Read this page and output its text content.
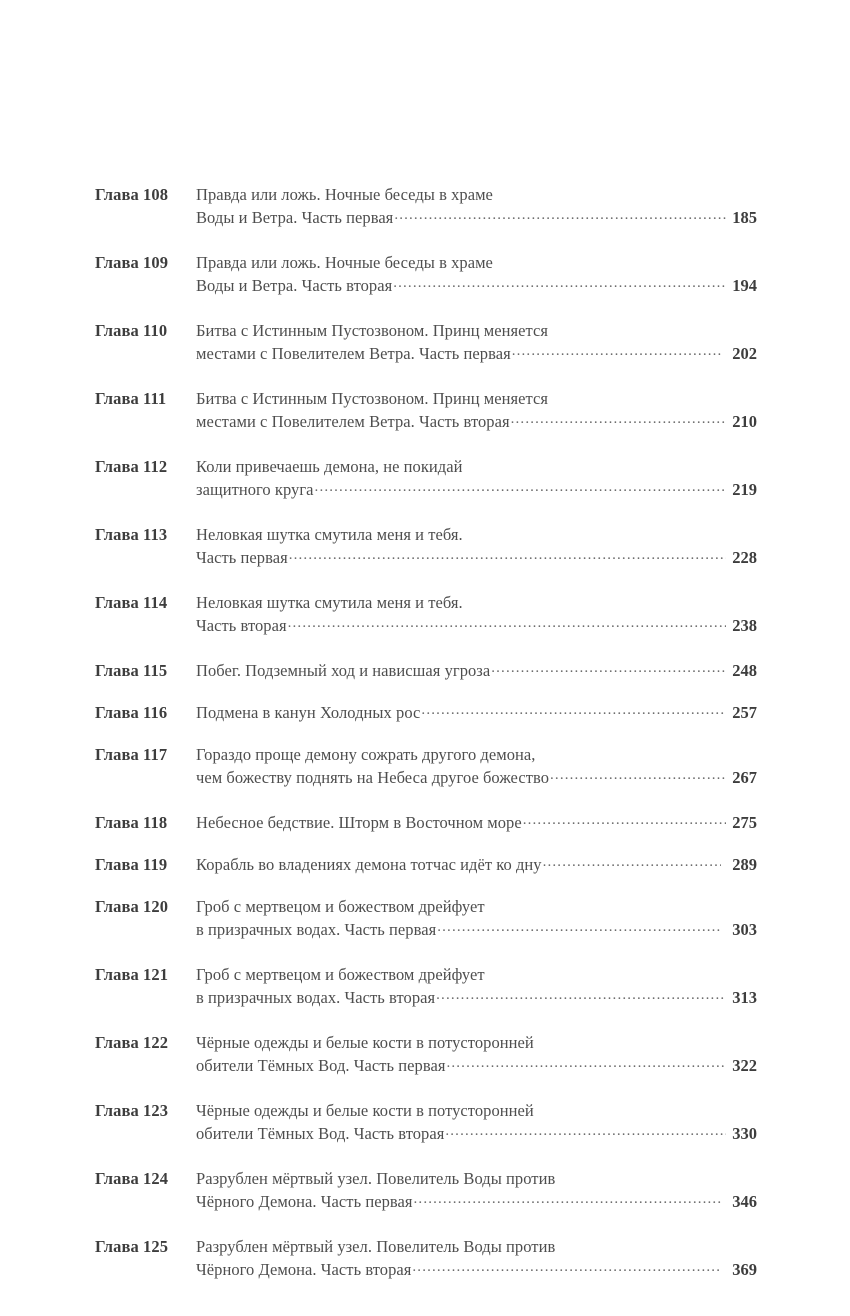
Глава 108	Правда или ложь. Ночные беседы в храме
Воды и Ветра. Часть первая .....	185
Глава 109	Правда или ложь. Ночные беседы в храме
Воды и Ветра. Часть вторая .....	194
Глава 110	Битва с Истинным Пустозвоном. Принц меняется
местами с Повелителем Ветра. Часть первая .....	202
Глава 111	Битва с Истинным Пустозвоном. Принц меняется
местами с Повелителем Ветра. Часть вторая .....	210
Глава 112	Коли привечаешь демона, не покидай
защитного круга .....	219
Глава 113	Неловкая шутка смутила меня и тебя.
Часть первая .....	228
Глава 114	Неловкая шутка смутила меня и тебя.
Часть вторая .....	238
Глава 115	Побег. Подземный ход и нависшая угроза .....	248
Глава 116	Подмена в канун Холодных рос .....	257
Глава 117	Гораздо проще демону сожрать другого демона,
чем божеству поднять на Небеса другое божество .....	267
Глава 118	Небесное бедствие. Шторм в Восточном море .....	275
Глава 119	Корабль во владениях демона тотчас идёт ко дну .....	289
Глава 120	Гроб с мертвецом и божеством дрейфует
в призрачных водах. Часть первая .....	303
Глава 121	Гроб с мертвецом и божеством дрейфует
в призрачных водах. Часть вторая .....	313
Глава 122	Чёрные одежды и белые кости в потусторонней
обители Тёмных Вод. Часть первая .....	322
Глава 123	Чёрные одежды и белые кости в потусторонней
обители Тёмных Вод. Часть вторая .....	330
Глава 124	Разрублен мёртвый узел. Повелитель Воды против
Чёрного Демона. Часть первая .....	346
Глава 125	Разрублен мёртвый узел. Повелитель Воды против
Чёрного Демона. Часть вторая .....	369
